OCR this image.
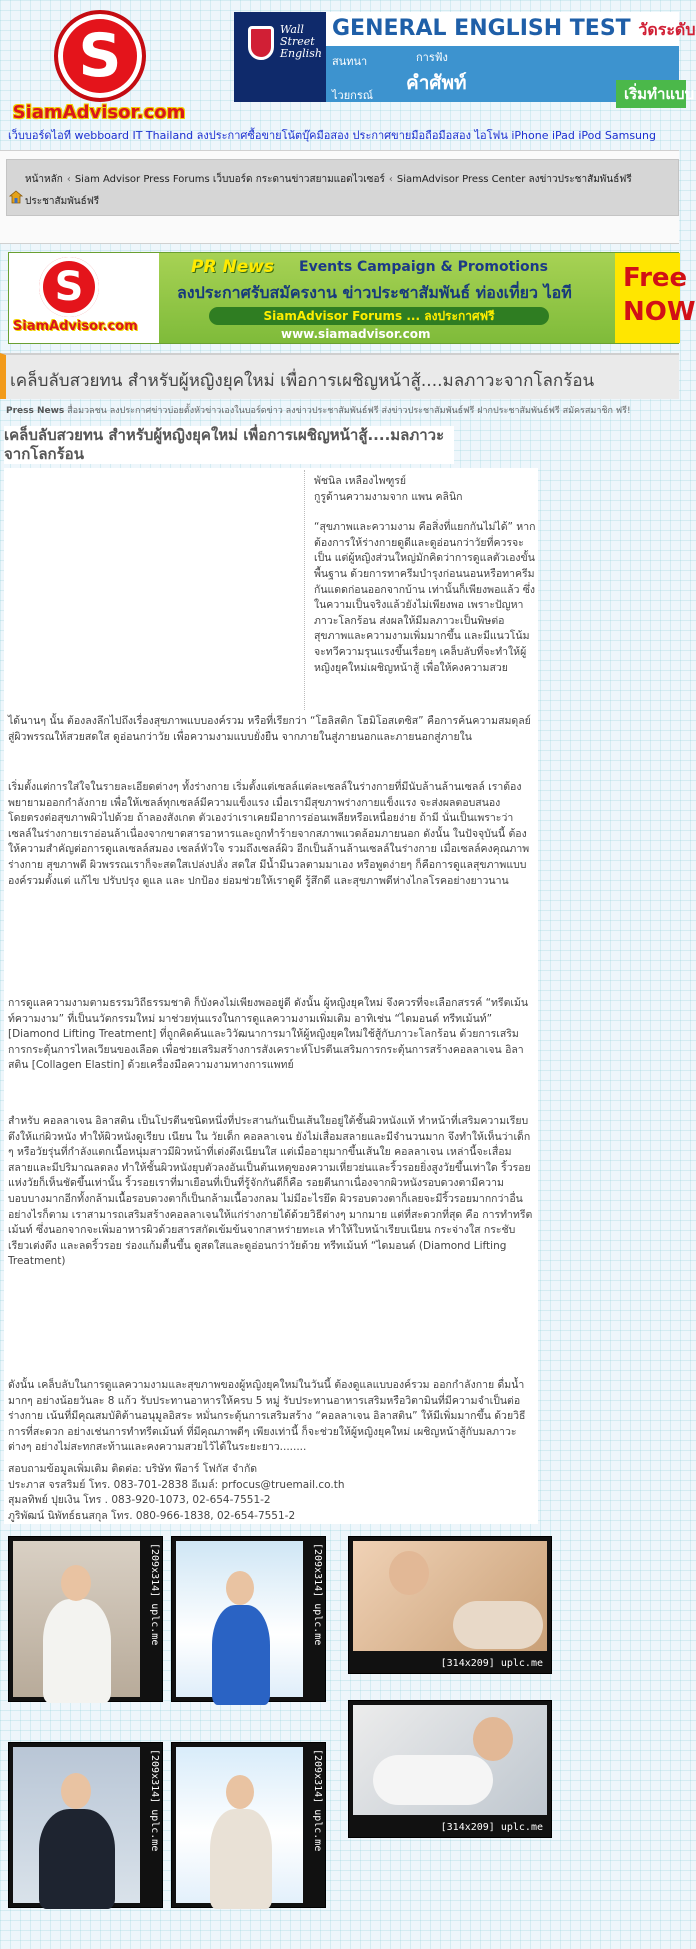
S
SiamAdvisor.com
Wall Street English
GENERAL ENGLISH TEST วัดระดับ
สนทนา	การฟัง
ไวยกรณ์
คำศัพท์	เริ่มทำแบบ
เว็บบอร์ดไอที webboard IT Thailand ลงประกาศซื้อขายโน้ตบุ๊คมือสอง ประกาศขายมือถือมือสอง ไอโฟน iPhone iPad iPod Samsung
หน้าหลัก ‹ Siam Advisor Press Forums เว็บบอร์ด กระดานข่าวสยามแอดไวเซอร์ ‹ SiamAdvisor Press Center ลงข่าวประชาสัมพันธ์ฟรี
ประชาสัมพันธ์ฟรี
S
SiamAdvisor.com
PR News Events Campaign & Promotions
ลงประกาศรับสมัครงาน ข่าวประชาสัมพันธ์ ท่องเที่ยว ไอที
SiamAdvisor Forums ... ลงประกาศฟรี
www.siamadvisor.com
Free NOW
เคล็บลับสวยทน สำหรับผู้หญิงยุคใหม่ เพื่อการเผชิญหน้าสู้....มลภาวะจากโลกร้อน
Press News สื่อมวลชน ลงประกาศข่าวบ่อยตั้งหัวข่าวเองในบอร์ดข่าว ลงข่าวประชาสัมพันธ์ฟรี ส่งข่าวประชาสัมพันธ์ฟรี ฝากประชาสัมพันธ์ฟรี สมัครสมาชิก ฟรี!
เคล็บลับสวยทน สำหรับผู้หญิงยุคใหม่ เพื่อการเผชิญหน้าสู้....มลภาวะจากโลกร้อน
พัชนิล เหลืองไพฑูรย์
กูรูด้านความงามจาก แพน คลินิก
“สุขภาพและความงาม คือสิ่งที่แยกกันไม่ได้” หากต้องการให้ร่างกายดูดีและดูอ่อนกว่าวัยที่ควรจะเป็น แต่ผู้หญิงส่วนใหญ่มักคิดว่าการดูแลตัวเองขั้นพื้นฐาน ด้วยการทาครีมบำรุงก่อนนอนหรือทาครีมกันแดดก่อนออกจากบ้าน เท่านั้นก็เพียงพอแล้ว ซึ่งในความเป็นจริงแล้วยังไม่เพียงพอ เพราะปัญหาภาวะโลกร้อน ส่งผลให้มีมลภาวะเป็นพิษต่อสุขภาพและความงามเพิ่มมากขึ้น และมีแนวโน้มจะทวีความรุนแรงขึ้นเรื่อยๆ เคล็บลับที่จะทำให้ผู้หญิงยุคใหม่เผชิญหน้าสู้ เพื่อให้คงความสวย
ได้นานๆ นั้น ต้องลงลึกไปถึงเรื่องสุขภาพแบบองค์รวม หรือที่เรียกว่า “โฮลิสติก โฮมิโอสเตซิส” คือการค้นความสมดุลย์สู่ผิวพรรณให้สวยสดใส ดูอ่อนกว่าวัย เพื่อความงามแบบยั่งยืน จากภายในสู่ภายนอกและภายนอกสู่ภายใน
เริ่มตั้งแต่การใส่ใจในรายละเอียดต่างๆ ทั้งร่างกาย เริ่มตั้งแต่เซลล์แต่ละเซลล์ในร่างกายที่มีนับล้านล้านเซลล์ เราต้องพยายามออกกำลังกาย เพื่อให้เซลล์ทุกเซลล์มีความแข็งแรง เมื่อเรามีสุขภาพร่างกายแข็งแรง จะส่งผลตอบสนองโดยตรงต่อสุขภาพผิวไปด้วย ถ้าลองสังเกต ตัวเองว่าเราเคยมีอาการอ่อนเพลียหรือเหนื่อยง่าย ถ้ามี นั่นเป็นเพราะว่าเซลล์ในร่างกายเราอ่อนล้าเนื่องจากขาดสารอาหารและถูกทำร้ายจากสภาพแวดล้อมภายนอก ดังนั้น ในปัจจุบันนี้ ต้องให้ความสำคัญต่อการดูแลเซลล์สมอง เซลล์หัวใจ รวมถึงเซลล์ผิว อีกเป็นล้านล้านเซลล์ในร่างกาย เมื่อเซลล์คงคุณภาพร่างกาย สุขภาพดี ผิวพรรณเราก็จะสดใสเปล่งปลั่ง สดใส มีน้ำมีนวลตามมาเอง หรือพูดง่ายๆ ก็คือการดูแลสุขภาพแบบองค์รวมตั้งแต่ แก้ไข ปรับปรุง ดูแล และ ปกป้อง ย่อมช่วยให้เราดูดี รู้สึกดี และสุขภาพดีห่างไกลโรคอย่างยาวนาน
การดูแลความงามตามธรรมวิถีธรรมชาติ ก็บังคงไม่เพียงพออยู่ดี ดังนั้น ผู้หญิงยุคใหม่ จึงควรที่จะเลือกสรรค์ “ทรีตเม้นท์ความงาม” ที่เป็นนวัตกรรมใหม่ มาช่วยทุ่นแรงในการดูแลความงามเพิ่มเติม อาทิเช่น “ไดมอนด์ ทรีทเม้นท์” [Diamond Lifting Treatment] ที่ถูกคิดค้นและวิวัฒนาการมาให้ผู้หญิงยุคใหม่ใช้สู้กับภาวะโลกร้อน ด้วยการเสริมการกระตุ้นการไหลเวียนของเลือด เพื่อช่วยเสริมสร้างการสังเคราะห์โปรตีนเสริมการกระตุ้นการสร้างคอลลาเจน อิลาสติน [Collagen Elastin] ด้วยเครื่องมือความงามทางการแพทย์
สำหรับ คอลลาเจน อิลาสติน เป็นโปรตีนชนิดหนึ่งที่ประสานกันเป็นเส้นใยอยู่ใต้ชั้นผิวหนังแท้ ทำหน้าที่เสริมความเรียบตึงให้แก่ผิวหนัง ทำให้ผิวหนังดูเรียบ เนียน ใน วัยเด็ก คอลลาเจน ยังไม่เสื่อมสลายและมีจำนวนมาก จึงทำให้เห็นว่าเด็ก ๆ หรือวัยรุ่นที่กำลังแตกเนื้อหนุ่มสาวมีผิวหน้าที่เต่งตึงเนียนใส แต่เมื่ออายุมากขึ้นเส้นใย คอลลาเจน เหล่านี้จะเสื่อมสลายและมีปริมาณลดลง ทำให้ชั้นผิวหนังยุบตัวลงอันเป็นต้นเหตุของความเหี่ยวย่นและริ้วรอยยิ่งสูงวัยขึ้นเท่าใด ริ้วรอยแห่งวัยก็เห็นชัดขึ้นเท่านั้น ริ้วรอยเราที่มาเยือนที่เป็นที่รู้จักกันดีก็คือ รอยตีนกาเนื่องจากผิวหนังรอบดวงตามีความบอบบางมากอีกทั้งกล้ามเนื้อรอบดวงตาก็เป็นกล้ามเนื้อวงกลม ไม่มีอะไรยึด ผิวรอบดวงตาก็เลยจะมีริ้วรอยมากกว่าอื่นอย่างไรก็ตาม เราสามารถเสริมสร้างคอลลาเจนให้แก่ร่างกายได้ด้วยวิธีต่างๆ มากมาย แต่ที่สะดวกที่สุด คือ การทำทรีตเม้นท์ ซึ่งนอกจากจะเพิ่มอาหารผิวด้วยสารสกัดเข้มข้นจากสาหร่ายทะเล ทำให้ใบหน้าเรียบเนียน กระจ่างใส กระชับเรียวเต่งตึง และลดริ้วรอย ร่องแก้มตื้นขึ้น ดูสดใสและดูอ่อนกว่าวัยด้วย ทรีทเม้นท์ “ไดมอนด์ (Diamond Lifting Treatment)
ดังนั้น เคล็บลับในการดูแลความงามและสุขภาพของผู้หญิงยุคใหม่ในวันนี้ ต้องดูแลแบบองค์รวม ออกกำลังกาย ดื่มน้ำมากๆ อย่างน้อยวันละ 8 แก้ว รับประทานอาหารให้ครบ 5 หมู่ รับประทานอาหารเสริมหรือวิตามินที่มีความจำเป็นต่อร่างกาย เน้นที่มีคุณสมบัติต้านอนุมูลอิสระ หมั่นกระตุ้นการเสริมสร้าง “คอลลาเจน อิลาสติน” ให้มีเพิ่มมากขึ้น ด้วยวิธีการที่สะดวก อย่างเช่นการทำทรีตเม้นท์ ที่มีคุณภาพดีๆ เพียงเท่านี้ ก็จะช่วยให้ผู้หญิงยุคใหม่ เผชิญหน้าสู้กับมลภาวะต่างๆ อย่างไม่สะทกสะท้านและคงความสวยไว้ได้ในระยะยาว........
สอบถามข้อมูลเพิ่มเติม ติดต่อ: บริษัท พีอาร์ โฟกัส จำกัด
ประภาส จรสริมย์ โทร. 083-701-2838 อีเมล์: prfocus@truemail.co.th
สุมลทิพย์ ปุยเงิน โทร . 083-920-1073, 02-654-7551-2
ภูริพัฒน์ นิพัทธ์ธนสกุล โทร. 080-966-1838, 02-654-7551-2
[209x314] uplc.me	[209x314] uplc.me
[314x209] uplc.me
[314x209] uplc.me
[209x314] uplc.me	[209x314] uplc.me
